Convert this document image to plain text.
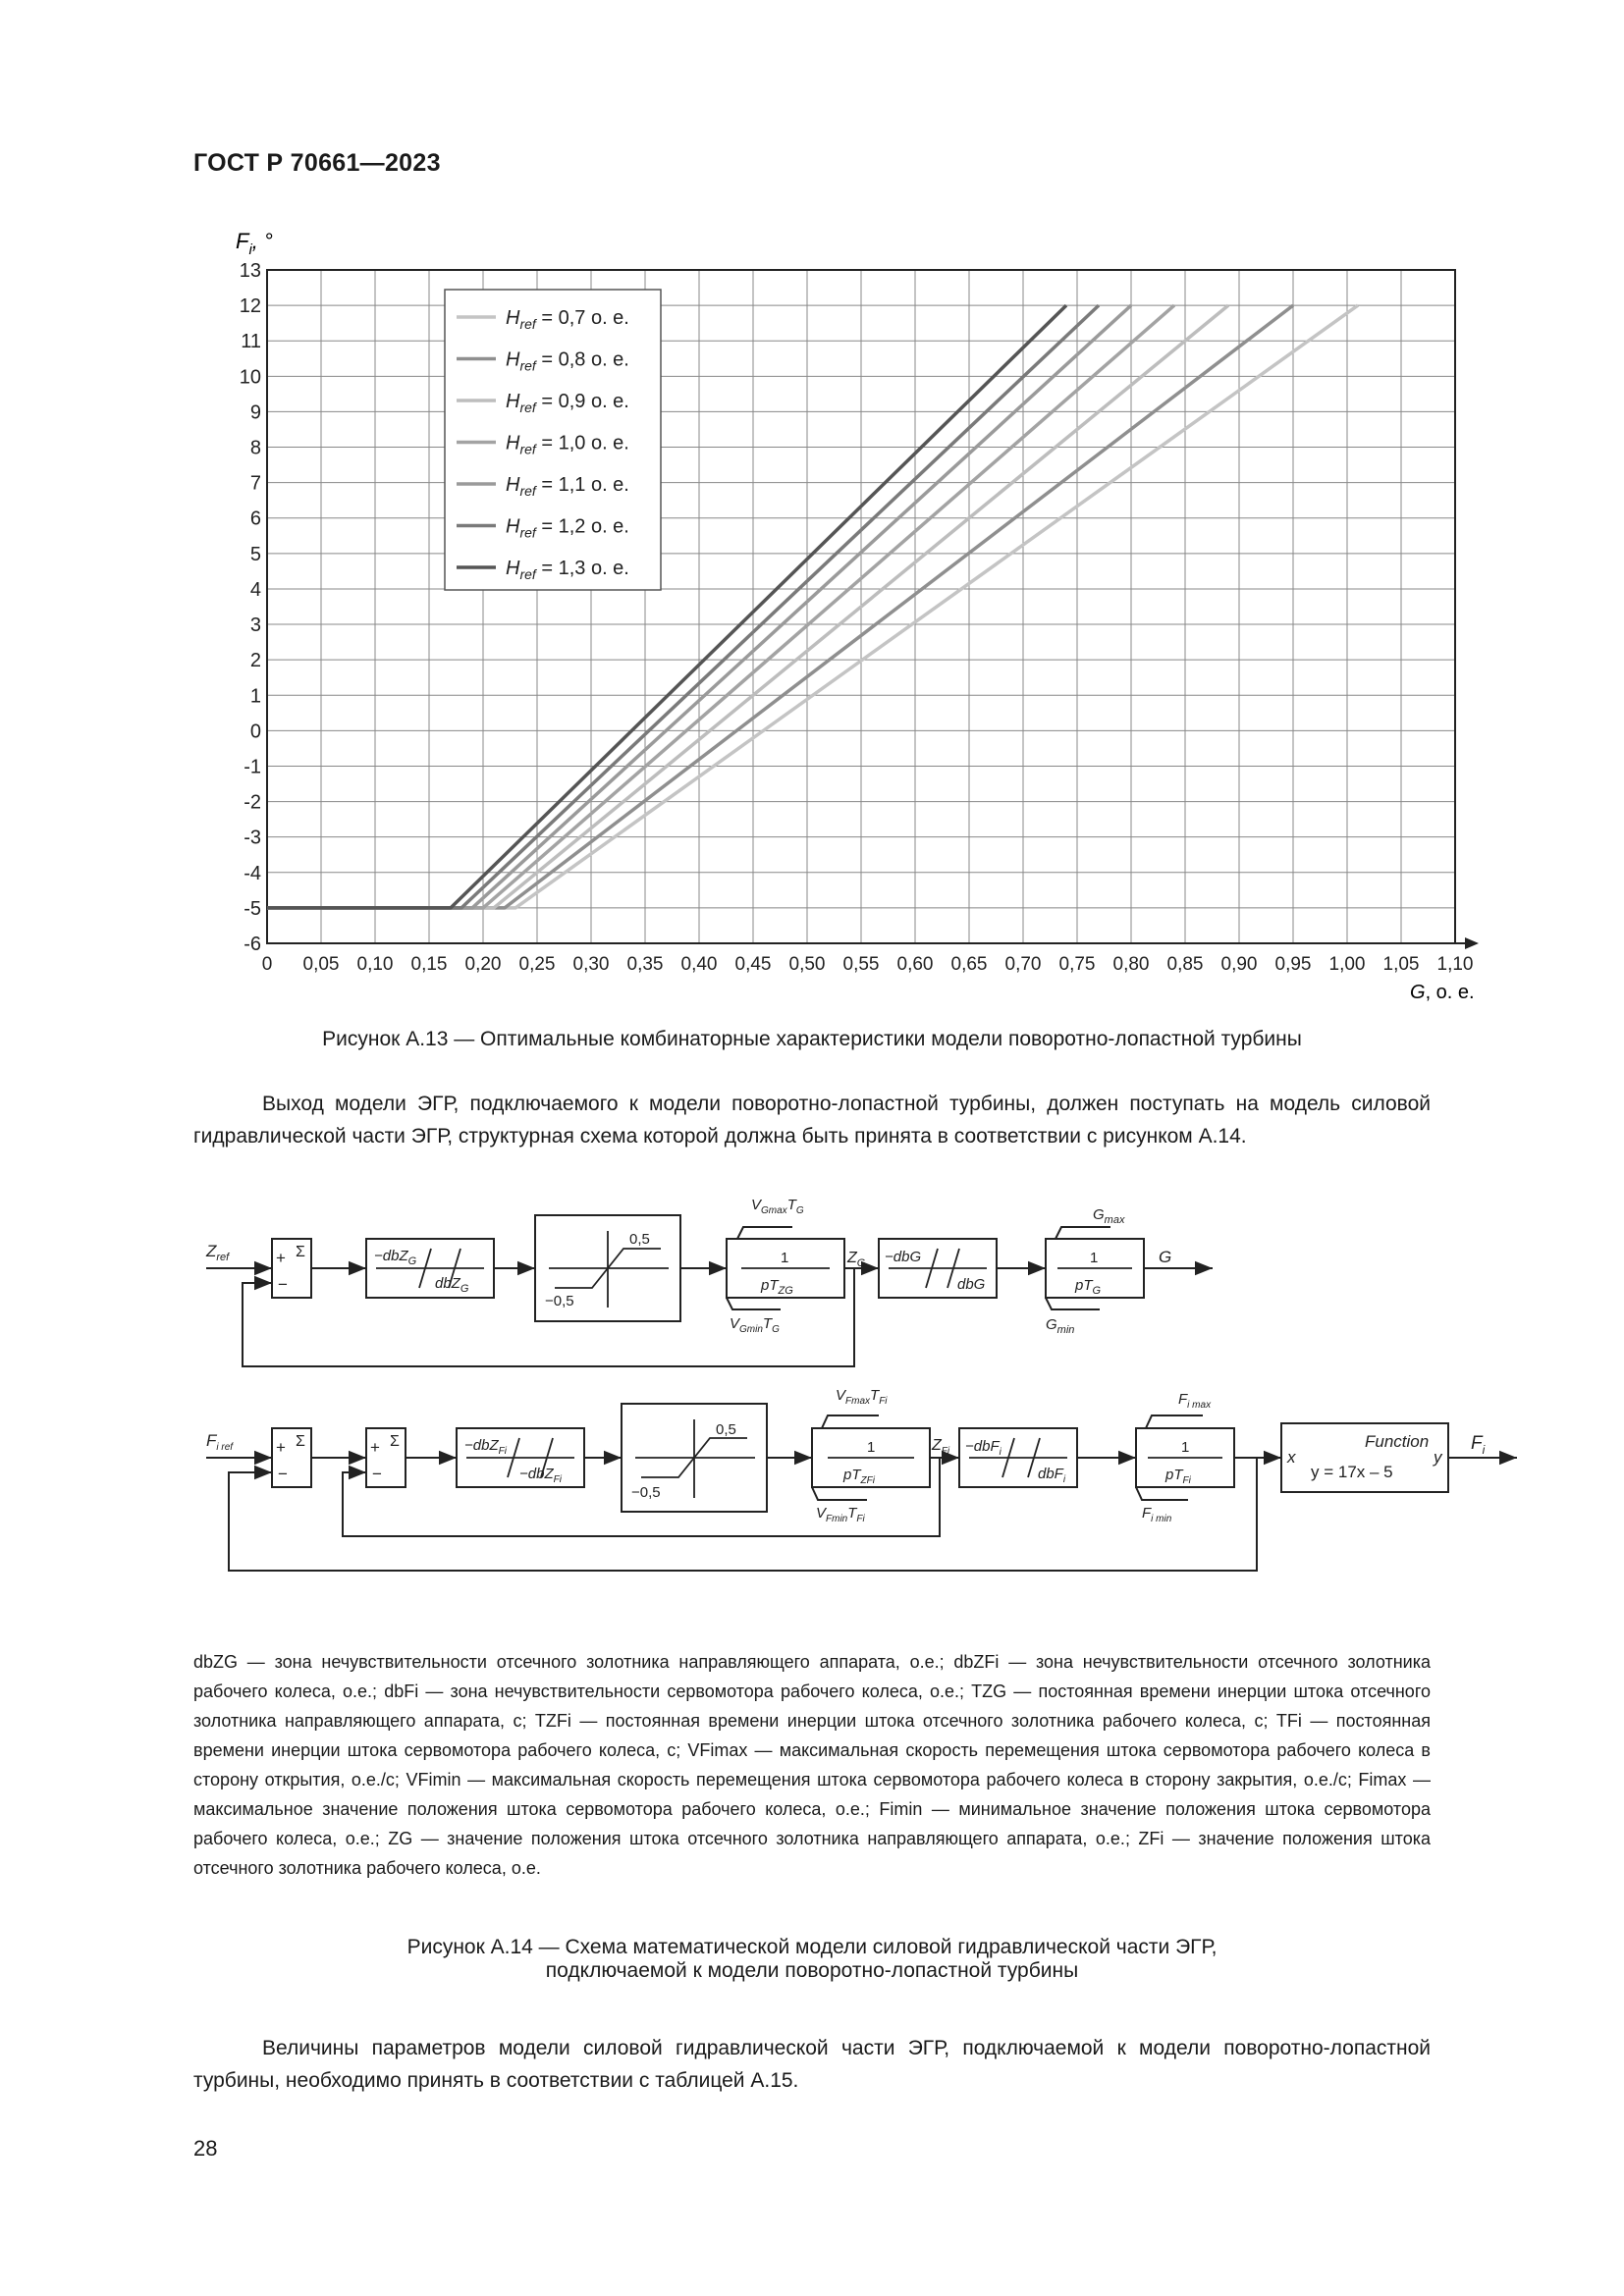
ГОСТ Р 70661—2023
0 0,05 0,10 0,15 0,20 0,25 0,30 0,35 0,40 0,45 0,50 0,55 0,60 0,65 0,70 0,75 0,80 0,85 0,90 0,95 1,00 1,05 1,10
-6
-5
-4
-3
-2
-1
0
1
2
3
4
5
6
7
8
9
10
11
12
13
$H_{ref} = 0,7$ о. е.
$H_{ref} = 0,8$ о. е.
$H_{ref} = 0,9$ о. е.
$H_{ref} = 1,0$ о. е.
$H_{ref} = 1,1$ о. е.
$H_{ref} = 1,2$ о. е.
$H_{ref} = 1,3$ о. е.
$F_i$, °
G, о. е.
Рисунок А.13 — Оптимальные комбинаторные характеристики модели поворотно-лопастной турбины
Выход модели ЭГР, подключаемого к модели поворотно-лопастной турбины, должен поступать на модель силовой гидравлической части ЭГР, структурная схема которой должна быть принята в соответствии с рисунком А.14.
$Z_{ref}$	+
−
Σ	−dbZ$_G$
dbZ$_G$
0,5
−0,5
1
$pT_{ZG}$
$V_{Gmax}T_G$
$V_{Gmin}T_G$
$Z_G -dbG$
dbG
1
$pT_G$
$G_{max}$
$G_{min}$
G
$F_{i ref}$	+
−
Σ	+
−
Σ	−dbZ$_{Fi}$
−dbZ$_{Fi}$
0,5
−0,5
1
$pT_{ZFi}$
$V_{Fmax}T_{Fi}$
$V_{Fmin}T_{Fi}$
$Z_{Fi} -dbF_i$
dbF$_i$
1
$pT_{Fi}$
$F_{i max}$
$F_{i min}$
Function
y = 17x – 5
x	y
$F_i$
dbZG — зона нечувствительности отсечного золотника направляющего аппарата, о.е.; dbZFi — зона нечувствительности отсечного золотника рабочего колеса, о.е.; dbFi — зона нечувствительности сервомотора рабочего колеса, о.е.; TZG — постоянная времени инерции штока отсечного золотника направляющего аппарата, с; TZFi — постоянная времени инерции штока отсечного золотника рабочего колеса, с; TFi — постоянная времени инерции штока сервомотора рабочего колеса, с; VFimax — максимальная скорость перемещения штока сервомотора рабочего колеса в сторону открытия, о.е./с; VFimin — максимальная скорость перемещения штока сервомотора рабочего колеса в сторону закрытия, о.е./с; Fimax — максимальное значение положения штока сервомотора рабочего колеса, о.е.; Fimin — минимальное значение положения штока сервомотора рабочего колеса, о.е.; ZG — значение положения штока отсечного золотника направляющего аппарата, о.е.; ZFi — значение положения штока отсечного золотника рабочего колеса, о.е.
Рисунок А.14 — Схема математической модели силовой гидравлической части ЭГР,
подключаемой к модели поворотно-лопастной турбины
Величины параметров модели силовой гидравлической части ЭГР, подключаемой к модели поворотно-лопастной турбины, необходимо принять в соответствии с таблицей А.15.
28
